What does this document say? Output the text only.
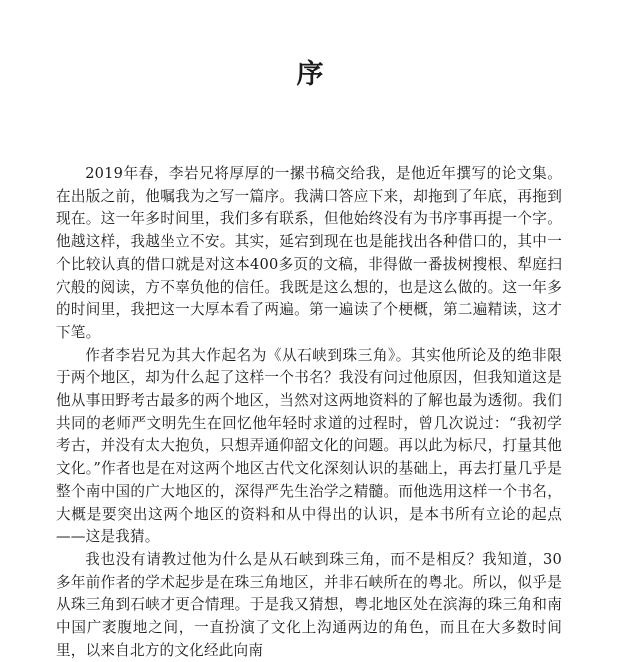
序

2019年春，李岩兄将厚厚的一摞书稿交给我，是他近年撰写的论文集。在出版之前，他嘱我为之写一篇序。我满口答应下来，却拖到了年底，再拖到现在。这一年多时间里，我们多有联系，但他始终没有为书序事再提一个字。他越这样，我越坐立不安。其实，延宕到现在也是能找出各种借口的，其中一个比较认真的借口就是对这本400多页的文稿，非得做一番拔树搜根、犁庭扫穴般的阅读，方不辜负他的信任。我既是这么想的，也是这么做的。这一年多的时间里，我把这一大厚本看了两遍。第一遍读了个梗概，第二遍精读，这才下笔。

作者李岩兄为其大作起名为《从石峡到珠三角》。其实他所论及的绝非限于两个地区，却为什么起了这样一个书名？我没有问过他原因，但我知道这是他从事田野考古最多的两个地区，当然对这两地资料的了解也最为透彻。我们共同的老师严文明先生在回忆他年轻时求道的过程时，曾几次说过：“我初学考古，并没有太大抱负，只想弄通仰韶文化的问题。再以此为标尺，打量其他文化。”作者也是在对这两个地区古代文化深刻认识的基础上，再去打量几乎是整个南中国的广大地区的，深得严先生治学之精髓。而他选用这样一个书名，大概是要突出这两个地区的资料和从中得出的认识，是本书所有立论的起点——这是我猜。

我也没有请教过他为什么是从石峡到珠三角，而不是相反？我知道，30多年前作者的学术起步是在珠三角地区，并非石峡所在的粤北。所以，似乎是从珠三角到石峡才更合情理。于是我又猜想，粤北地区处在滨海的珠三角和南中国广袤腹地之间，一直扮演了文化上沟通两边的角色，而且在大多数时间里，以来自北方的文化经此向南
